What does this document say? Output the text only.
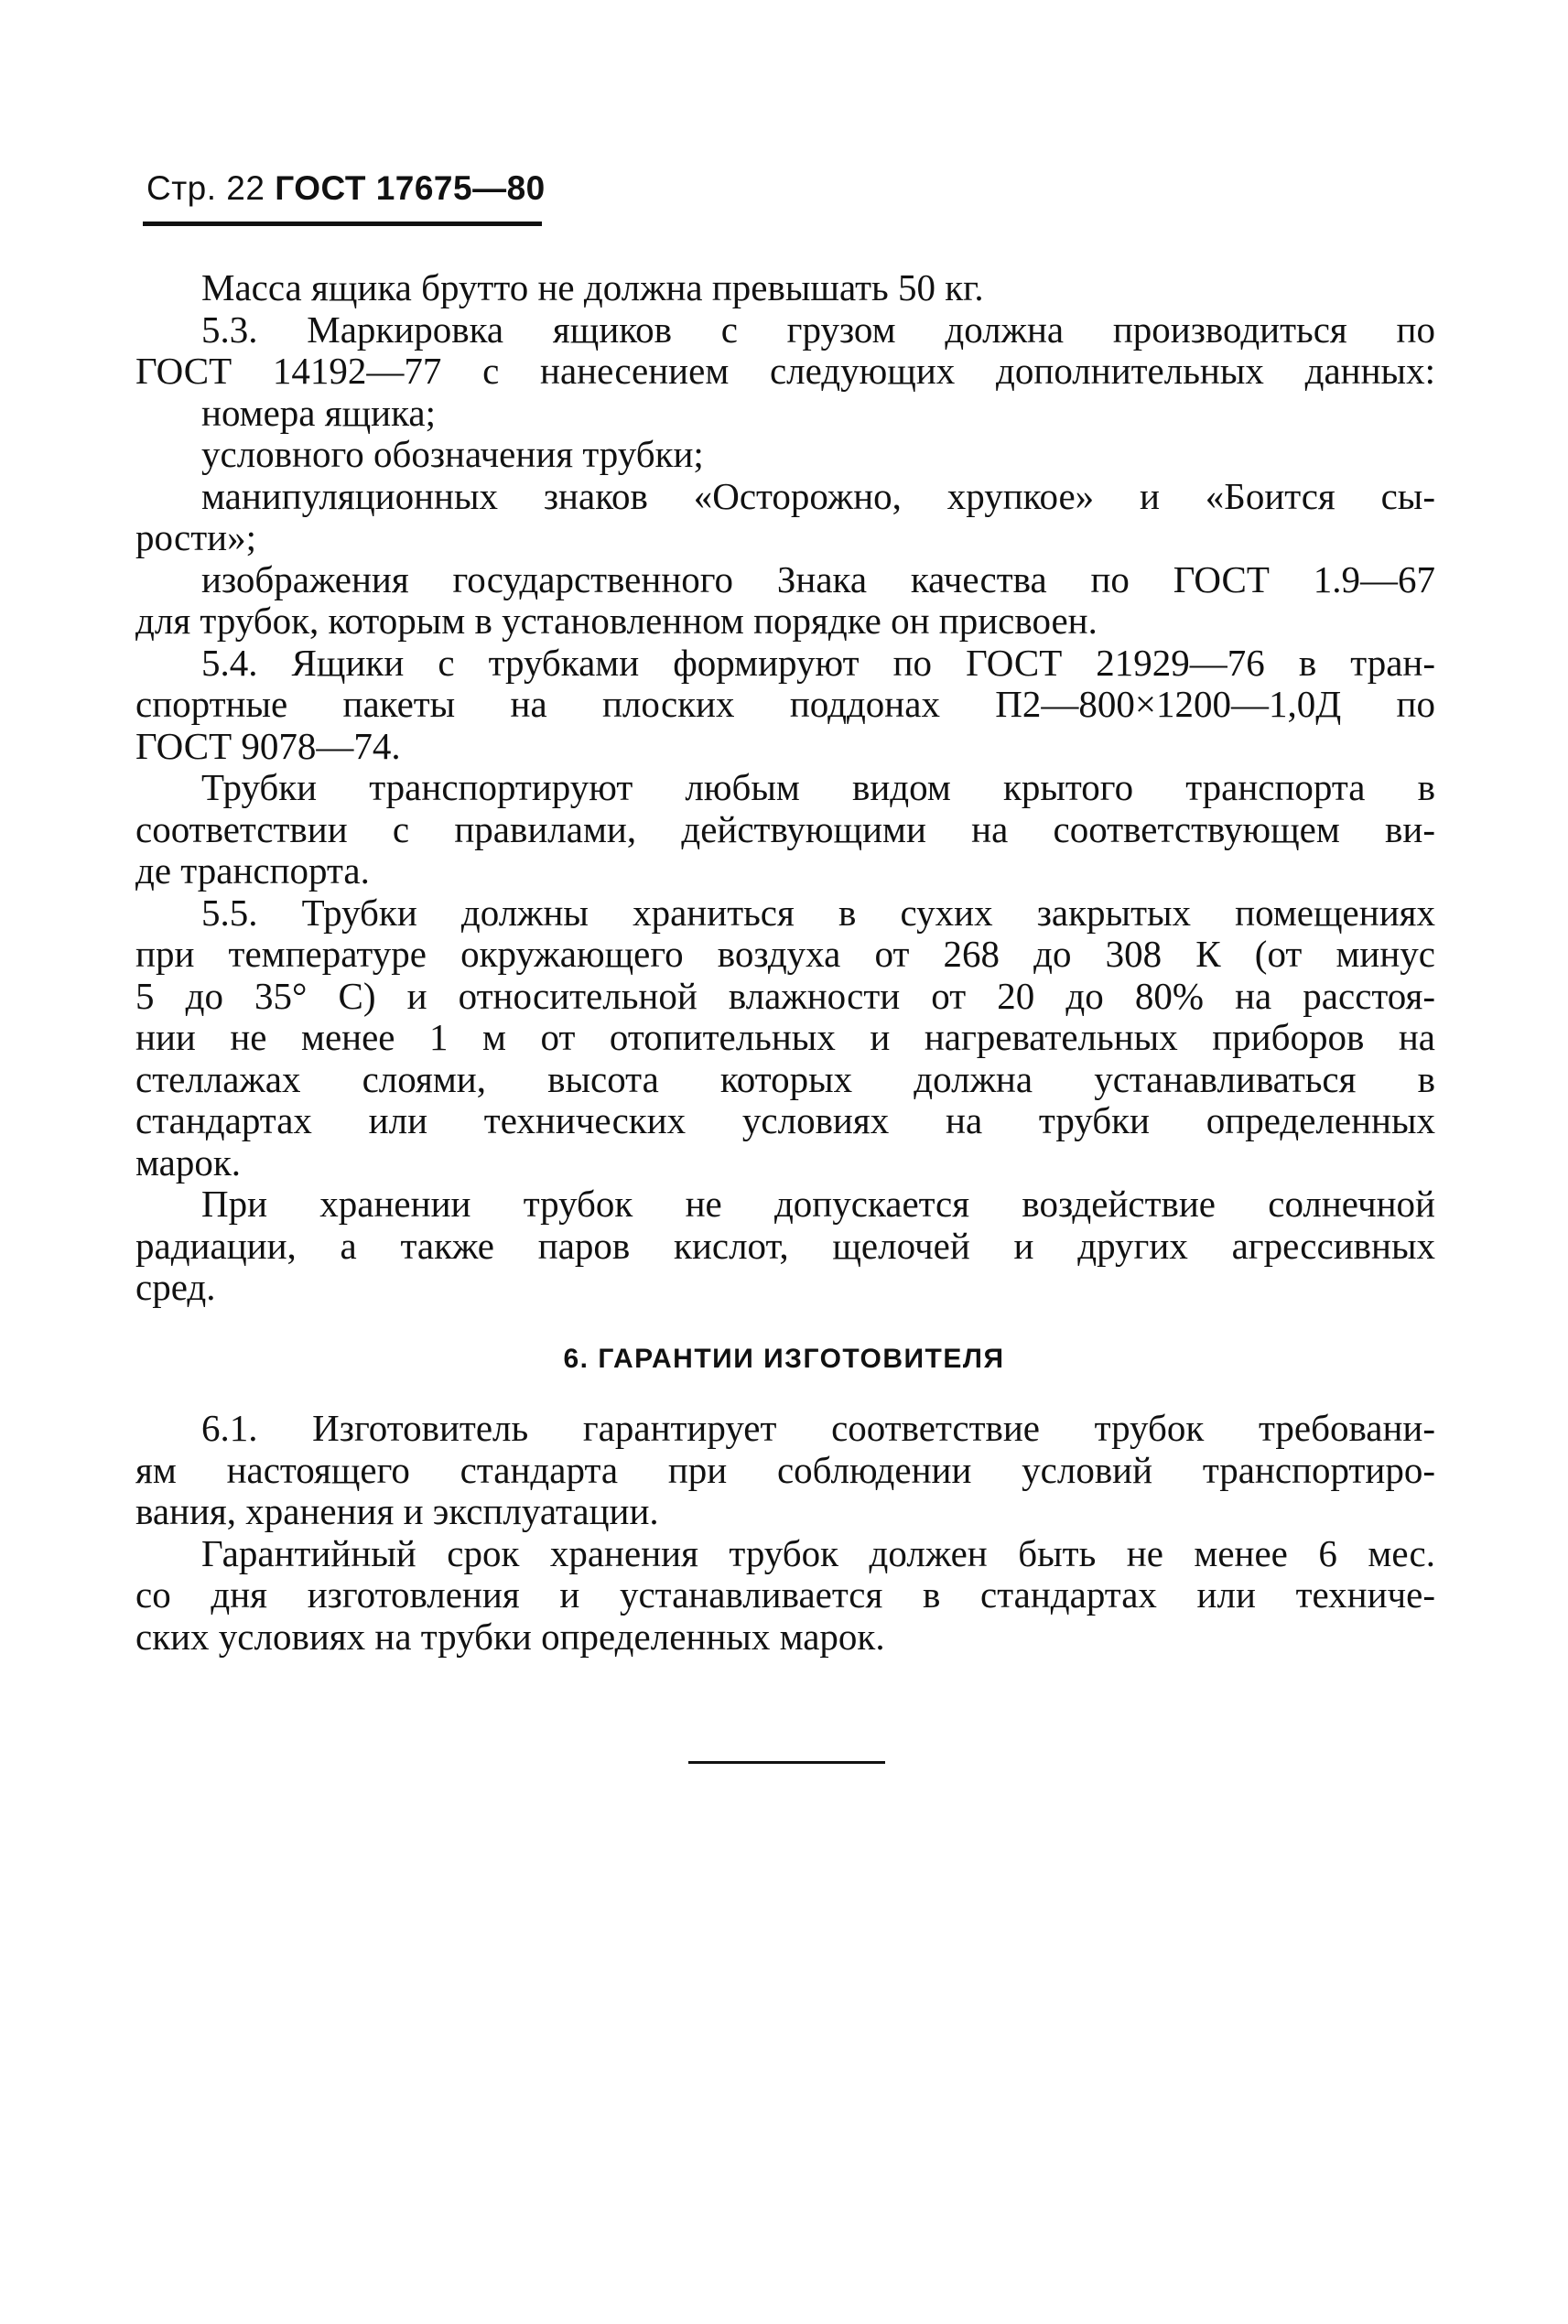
Стр. 22 ГОСТ 17675—80
Масса ящика брутто не должна превышать 50 кг.
5.3. Маркировка ящиков с грузом должна производиться по
ГОСТ 14192—77 с нанесением следующих дополнительных данных:
номера ящика;
условного обозначения трубки;
манипуляционных знаков «Осторожно, хрупкое» и «Боится сы-
рости»;
изображения государственного Знака качества по ГОСТ 1.9—67
для трубок, которым в установленном порядке он присвоен.
5.4. Ящики с трубками формируют по ГОСТ 21929—76 в тран-
спортные пакеты на плоских поддонах П2—800×1200—1,0Д по
ГОСТ 9078—74.
Трубки транспортируют любым видом крытого транспорта в
соответствии с правилами, действующими на соответствующем ви-
де транспорта.
5.5. Трубки должны храниться в сухих закрытых помещениях
при температуре окружающего воздуха от 268 до 308 К (от минус
5 до 35° С) и относительной влажности от 20 до 80% на расстоя-
нии не менее 1 м от отопительных и нагревательных приборов на
стеллажах слоями, высота которых должна устанавливаться в
стандартах или технических условиях на трубки определенных
марок.
При хранении трубок не допускается воздействие солнечной
радиации, а также паров кислот, щелочей и других агрессивных
сред.
6. ГАРАНТИИ ИЗГОТОВИТЕЛЯ
6.1. Изготовитель гарантирует соответствие трубок требовани-
ям настоящего стандарта при соблюдении условий транспортиро-
вания, хранения и эксплуатации.
Гарантийный срок хранения трубок должен быть не менее 6 мес.
со дня изготовления и устанавливается в стандартах или техниче-
ских условиях на трубки определенных марок.
